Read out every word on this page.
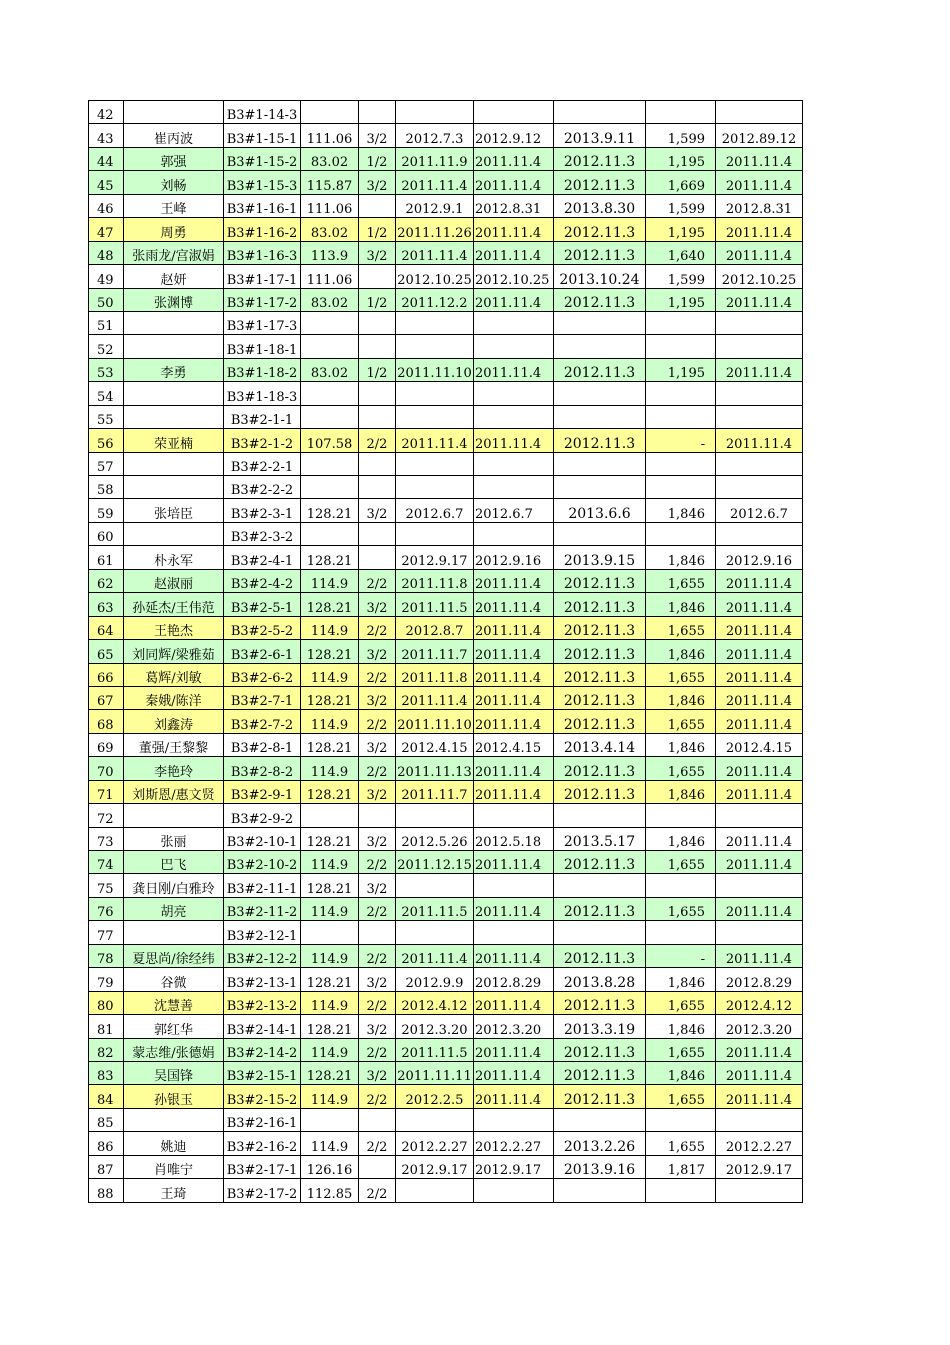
42		B3#1-14-3							
43	崔丙波	B3#1-15-1	111.06	3/2	2012.7.3	2012.9.12	2013.9.11	1,599	2012.89.12
44	郭强	B3#1-15-2	83.02	1/2	2011.11.9	2011.11.4	2012.11.3	1,195	2011.11.4
45	刘畅	B3#1-15-3	115.87	3/2	2011.11.4	2011.11.4	2012.11.3	1,669	2011.11.4
46	王峰	B3#1-16-1	111.06		2012.9.1	2012.8.31	2013.8.30	1,599	2012.8.31
47	周勇	B3#1-16-2	83.02	1/2	2011.11.26	2011.11.4	2012.11.3	1,195	2011.11.4
48	张雨龙/宫淑娟	B3#1-16-3	113.9	3/2	2011.11.4	2011.11.4	2012.11.3	1,640	2011.11.4
49	赵妍	B3#1-17-1	111.06		2012.10.25	2012.10.25	2013.10.24	1,599	2012.10.25
50	张渊博	B3#1-17-2	83.02	1/2	2011.12.2	2011.11.4	2012.11.3	1,195	2011.11.4
51		B3#1-17-3							
52		B3#1-18-1							
53	李勇	B3#1-18-2	83.02	1/2	2011.11.10	2011.11.4	2012.11.3	1,195	2011.11.4
54		B3#1-18-3							
55		B3#2-1-1							
56	荣亚楠	B3#2-1-2	107.58	2/2	2011.11.4	2011.11.4	2012.11.3	-	2011.11.4
57		B3#2-2-1							
58		B3#2-2-2							
59	张培臣	B3#2-3-1	128.21	3/2	2012.6.7	2012.6.7	2013.6.6	1,846	2012.6.7
60		B3#2-3-2							
61	朴永军	B3#2-4-1	128.21		2012.9.17	2012.9.16	2013.9.15	1,846	2012.9.16
62	赵淑丽	B3#2-4-2	114.9	2/2	2011.11.8	2011.11.4	2012.11.3	1,655	2011.11.4
63	孙延杰/王伟范	B3#2-5-1	128.21	3/2	2011.11.5	2011.11.4	2012.11.3	1,846	2011.11.4
64	王艳杰	B3#2-5-2	114.9	2/2	2012.8.7	2011.11.4	2012.11.3	1,655	2011.11.4
65	刘同辉/梁雅茹	B3#2-6-1	128.21	3/2	2011.11.7	2011.11.4	2012.11.3	1,846	2011.11.4
66	葛辉/刘敏	B3#2-6-2	114.9	2/2	2011.11.8	2011.11.4	2012.11.3	1,655	2011.11.4
67	秦娥/陈洋	B3#2-7-1	128.21	3/2	2011.11.4	2011.11.4	2012.11.3	1,846	2011.11.4
68	刘鑫涛	B3#2-7-2	114.9	2/2	2011.11.10	2011.11.4	2012.11.3	1,655	2011.11.4
69	董强/王黎黎	B3#2-8-1	128.21	3/2	2012.4.15	2012.4.15	2013.4.14	1,846	2012.4.15
70	李艳玲	B3#2-8-2	114.9	2/2	2011.11.13	2011.11.4	2012.11.3	1,655	2011.11.4
71	刘斯恩/惠文贤	B3#2-9-1	128.21	3/2	2011.11.7	2011.11.4	2012.11.3	1,846	2011.11.4
72		B3#2-9-2							
73	张丽	B3#2-10-1	128.21	3/2	2012.5.26	2012.5.18	2013.5.17	1,846	2011.11.4
74	巴飞	B3#2-10-2	114.9	2/2	2011.12.15	2011.11.4	2012.11.3	1,655	2011.11.4
75	龚日刚/白雅玲	B3#2-11-1	128.21	3/2					
76	胡亮	B3#2-11-2	114.9	2/2	2011.11.5	2011.11.4	2012.11.3	1,655	2011.11.4
77		B3#2-12-1							
78	夏思尚/徐经纬	B3#2-12-2	114.9	2/2	2011.11.4	2011.11.4	2012.11.3	-	2011.11.4
79	谷微	B3#2-13-1	128.21	3/2	2012.9.9	2012.8.29	2013.8.28	1,846	2012.8.29
80	沈慧善	B3#2-13-2	114.9	2/2	2012.4.12	2011.11.4	2012.11.3	1,655	2012.4.12
81	郭红华	B3#2-14-1	128.21	3/2	2012.3.20	2012.3.20	2013.3.19	1,846	2012.3.20
82	蒙志维/张德娟	B3#2-14-2	114.9	2/2	2011.11.5	2011.11.4	2012.11.3	1,655	2011.11.4
83	吴国锋	B3#2-15-1	128.21	3/2	2011.11.11	2011.11.4	2012.11.3	1,846	2011.11.4
84	孙银玉	B3#2-15-2	114.9	2/2	2012.2.5	2011.11.4	2012.11.3	1,655	2011.11.4
85		B3#2-16-1							
86	姚迪	B3#2-16-2	114.9	2/2	2012.2.27	2012.2.27	2013.2.26	1,655	2012.2.27
87	肖唯宁	B3#2-17-1	126.16		2012.9.17	2012.9.17	2013.9.16	1,817	2012.9.17
88	王琦	B3#2-17-2	112.85	2/2					
